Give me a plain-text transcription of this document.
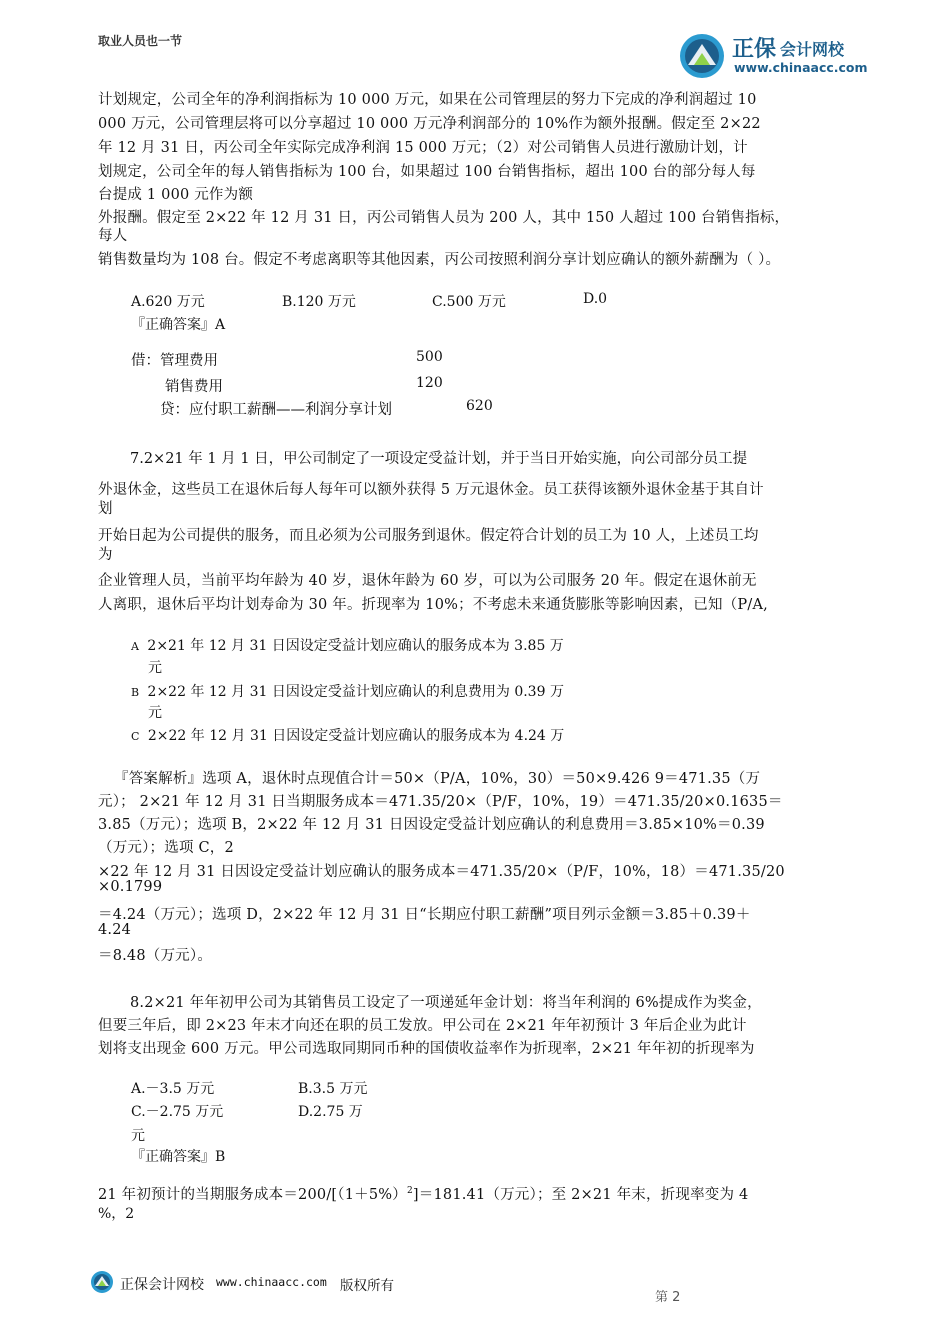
取业人员也一节	正保 会计网校
www.chinaacc.com
计划规定，公司全年的净利润指标为 10 000 万元，如果在公司管理层的努力下完成的净利润超过 10
000 万元，公司管理层将可以分享超过 10 000 万元净利润部分的 10%作为额外报酬。假定至 2×22
年 12 月 31 日，丙公司全年实际完成净利润 15 000 万元；（2）对公司销售人员进行激励计划，计
划规定，公司全年的每人销售指标为 100 台，如果超过 100 台销售指标，超出 100 台的部分每人每
台提成 1 000 元作为额
外报酬。假定至 2×22 年 12 月 31 日，丙公司销售人员为 200 人，其中 150 人超过 100 台销售指标，
每人
销售数量均为 108 台。假定不考虑离职等其他因素，丙公司按照利润分享计划应确认的额外薪酬为（ ）。
A.620 万元	B.120 万元	C.500 万元	D.0
『正确答案』A
借：管理费用	500
销售费用	120
贷：应付职工薪酬——利润分享计划	620
7.2×21 年 1 月 1 日，甲公司制定了一项设定受益计划，并于当日开始实施，向公司部分员工提
外退休金，这些员工在退休后每人每年可以额外获得 5 万元退休金。员工获得该额外退休金基于其自计
划
开始日起为公司提供的服务，而且必须为公司服务到退休。假定符合计划的员工为 10 人，上述员工均
为
企业管理人员，当前平均年龄为 40 岁，退休年龄为 60 岁，可以为公司服务 20 年。假定在退休前无
人离职，退休后平均计划寿命为 30 年。折现率为 10%；不考虑未来通货膨胀等影响因素，已知（P/A,
A 2×21 年 12 月 31 日因设定受益计划应确认的服务成本为 3.85 万
元
B 2×22 年 12 月 31 日因设定受益计划应确认的利息费用为 0.39 万
元
C 2×22 年 12 月 31 日因设定受益计划应确认的服务成本为 4.24 万
『答案解析』选项 A，退休时点现值合计＝50×（P/A，10%，30）＝50×9.426 9＝471.35（万
元）； 2×21 年 12 月 31 日当期服务成本＝471.35/20×（P/F，10%，19）＝471.35/20×0.1635＝
3.85（万元）；选项 B，2×22 年 12 月 31 日因设定受益计划应确认的利息费用＝3.85×10%＝0.39
（万元）；选项 C，2
×22 年 12 月 31 日因设定受益计划应确认的服务成本＝471.35/20×（P/F，10%，18）＝471.35/20
×0.1799
＝4.24（万元）；选项 D，2×22 年 12 月 31 日“长期应付职工薪酬”项目列示金额＝3.85＋0.39＋
4.24
＝8.48（万元）。
8.2×21 年年初甲公司为其销售员工设定了一项递延年金计划：将当年利润的 6%提成作为奖金，
但要三年后，即 2×23 年末才向还在职的员工发放。甲公司在 2×21 年年初预计 3 年后企业为此计
划将支出现金 600 万元。甲公司选取同期同币种的国债收益率作为折现率，2×21 年年初的折现率为
A.－3.5 万元	B.3.5 万元
C.－2.75 万元	D.2.75 万
元
『正确答案』B
21 年初预计的当期服务成本$=200/[(1+5\%)^2]=181.41$（万元）；至 2×21 年末，折现率变为 4
%，2
正保会计网校 www.chinaacc.com 版权所有
第 2
